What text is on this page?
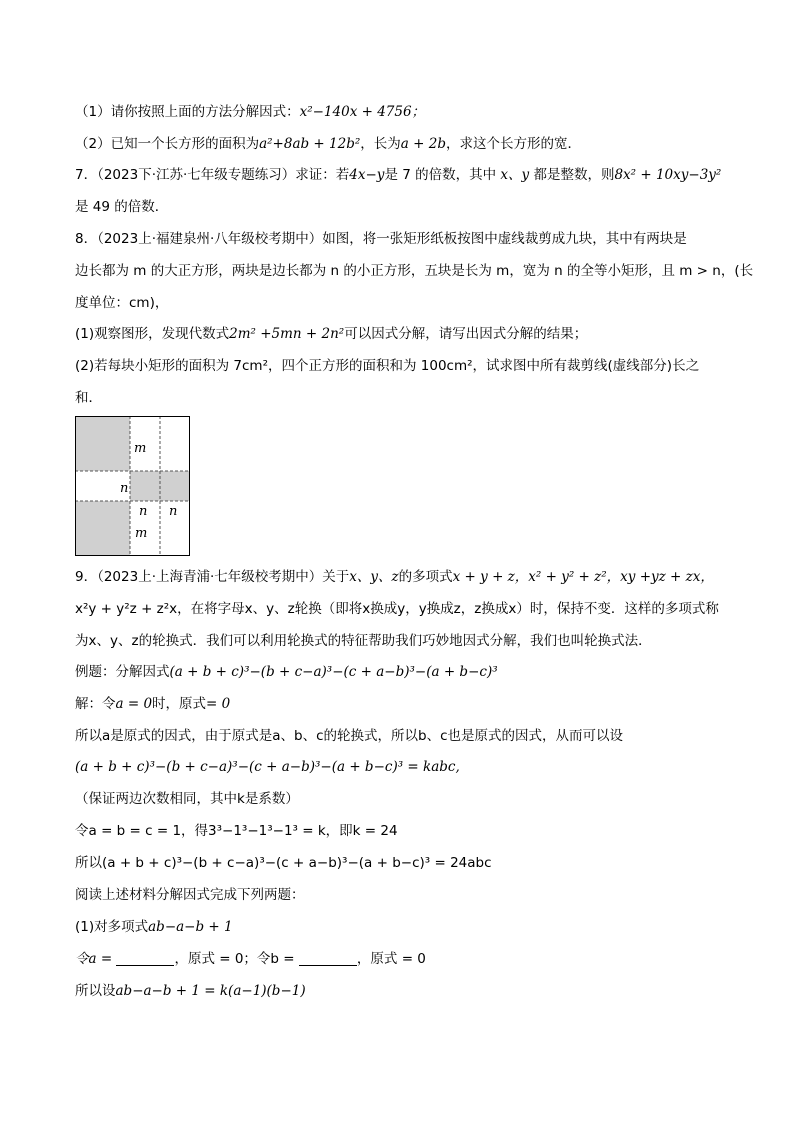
（1）请你按照上面的方法分解因式：x²−140x + 4756；
（2）已知一个长方形的面积为a²+8ab + 12b²，长为a + 2b，求这个长方形的宽．
7．（2023下·江苏·七年级专题练习）求证：若4x−y是 7 的倍数，其中 x、y 都是整数，则8x² + 10xy−3y²
是 49 的倍数．
8．（2023上·福建泉州·八年级校考期中）如图，将一张矩形纸板按图中虚线裁剪成九块，其中有两块是
边长都为 m 的大正方形，两块是边长都为 n 的小正方形，五块是长为 m，宽为 n 的全等小矩形，且 m > n，(长
度单位：cm)，
(1)观察图形，发现代数式2m² +5mn + 2n²可以因式分解，请写出因式分解的结果；
(2)若每块小矩形的面积为 7cm²，四个正方形的面积和为 100cm²，试求图中所有裁剪线(虚线部分)长之
和．
m
n
n n
m
9．（2023上·上海青浦·七年级校考期中）关于x、y、z的多项式x + y + z，x² + y² + z²，xy +yz + zx，
x²y + y²z + z²x，在将字母x、y、z轮换（即将x换成y，y换成z，z换成x）时，保持不变．这样的多项式称
为x、y、z的轮换式．我们可以利用轮换式的特征帮助我们巧妙地因式分解，我们也叫轮换式法．
例题：分解因式(a + b + c)³−(b + c−a)³−(c + a−b)³−(a + b−c)³
解：令a = 0时，原式= 0
所以a是原式的因式，由于原式是a、b、c的轮换式，所以b、c也是原式的因式，从而可以设
(a + b + c)³−(b + c−a)³−(c + a−b)³−(a + b−c)³ = kabc,
（保证两边次数相同，其中k是系数）
令a = b = c = 1，得3³−1³−1³−1³ = k，即k = 24
所以(a + b + c)³−(b + c−a)³−(c + a−b)³−(a + b−c)³ = 24abc
阅读上述材料分解因式完成下列两题：
(1)对多项式ab−a−b + 1
令a =	，原式 = 0；令b =	，原式 = 0
所以设ab−a−b + 1 = k(a−1)(b−1)
